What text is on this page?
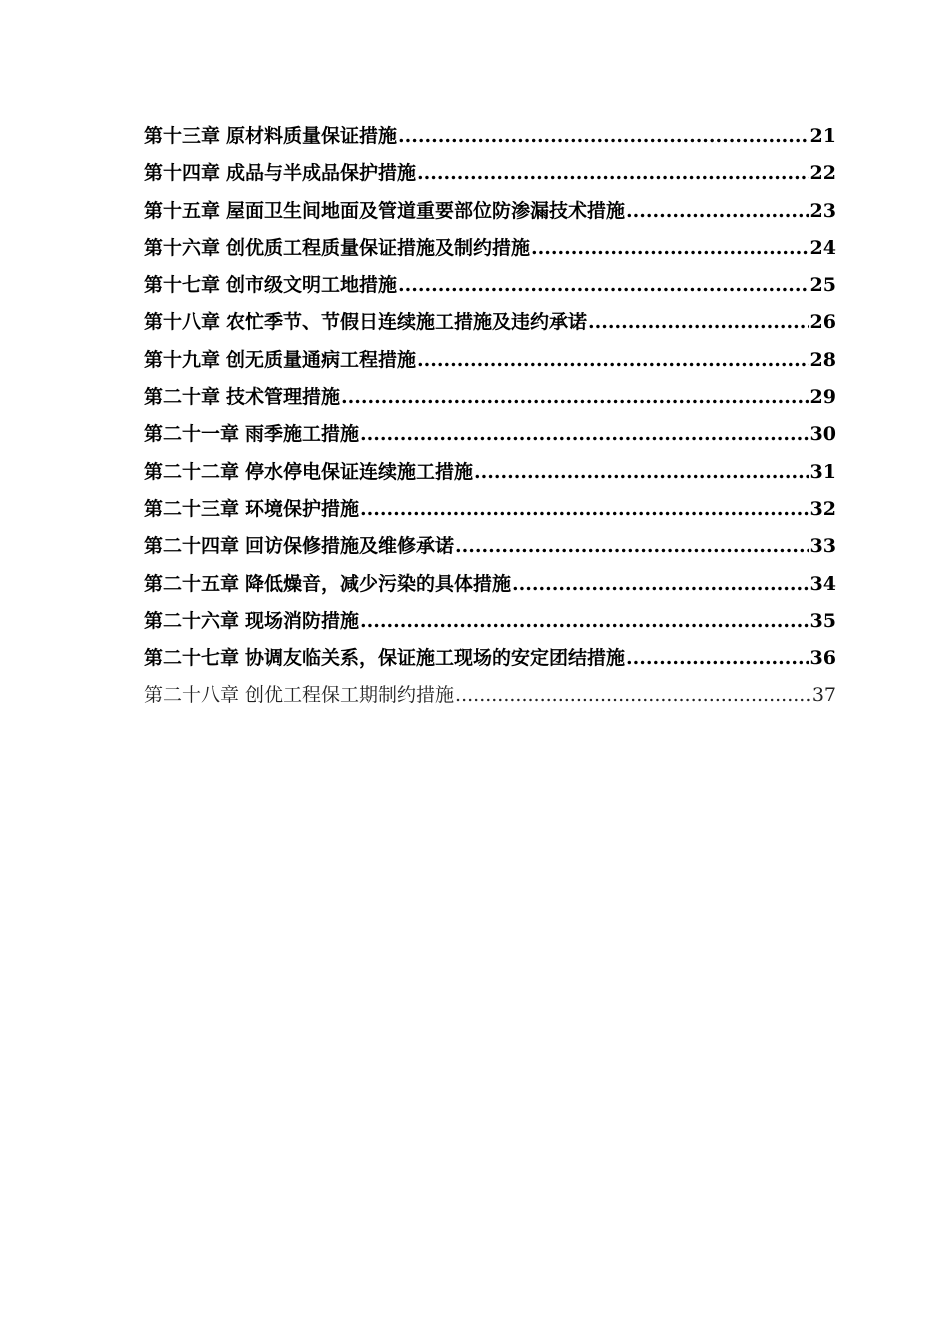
第十三章 原材料质量保证措施 .....	21
第十四章 成品与半成品保护措施 .....	22
第十五章 屋面卫生间地面及管道重要部位防渗漏技术措施 .....	23
第十六章 创优质工程质量保证措施及制约措施 .....	24
第十七章 创市级文明工地措施 .....	25
第十八章 农忙季节、节假日连续施工措施及违约承诺 .....	26
第十九章 创无质量通病工程措施 .....	28
第二十章 技术管理措施 .....	29
第二十一章 雨季施工措施 .....	30
第二十二章 停水停电保证连续施工措施 .....	31
第二十三章 环境保护措施 .....	32
第二十四章 回访保修措施及维修承诺 .....	33
第二十五章 降低燥音，减少污染的具体措施 .....	34
第二十六章 现场消防措施 .....	35
第二十七章 协调友临关系，保证施工现场的安定团结措施 .....	36
第二十八章 创优工程保工期制约措施 .....	37
